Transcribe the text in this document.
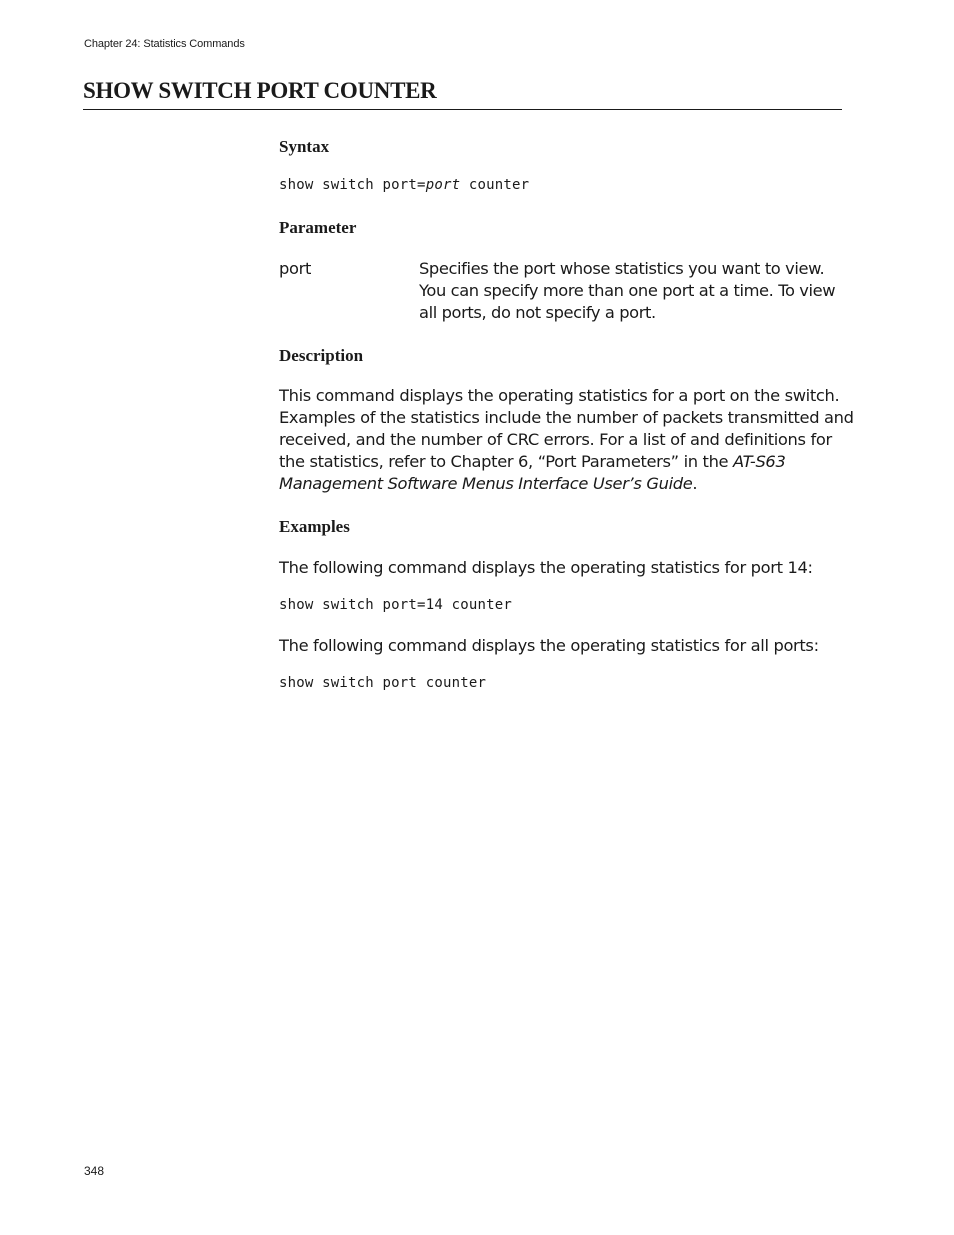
Chapter 24: Statistics Commands
SHOW SWITCH PORT COUNTER
Syntax
show switch port=port counter
Parameter
port	Specifies the port whose statistics you want to view. You can specify more than one port at a time. To view all ports, do not specify a port.
Description
This command displays the operating statistics for a port on the switch. Examples of the statistics include the number of packets transmitted and received, and the number of CRC errors. For a list of and definitions for the statistics, refer to Chapter 6, “Port Parameters” in the AT-S63 Management Software Menus Interface User’s Guide.
Examples
The following command displays the operating statistics for port 14:
show switch port=14 counter
The following command displays the operating statistics for all ports:
show switch port counter
348
